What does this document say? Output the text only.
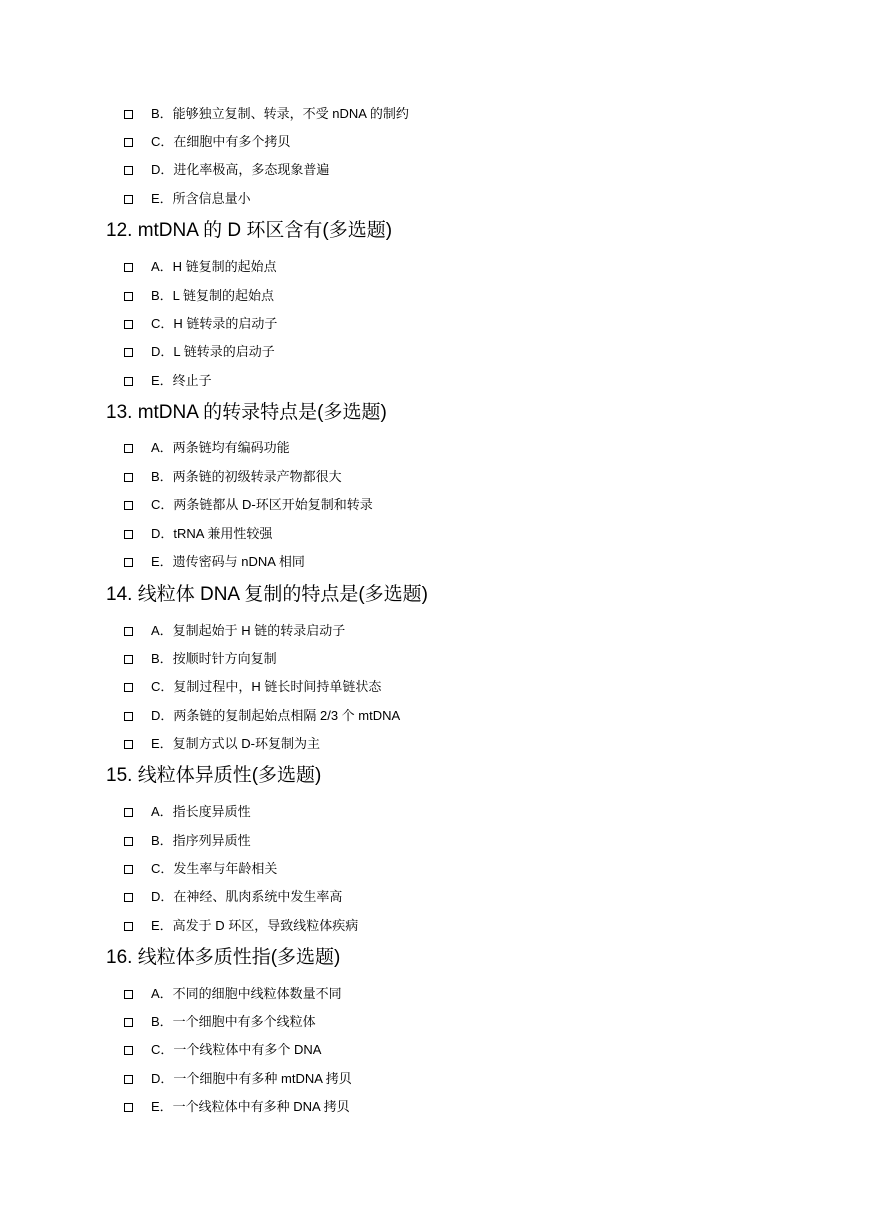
B．能够独立复制、转录，不受 nDNA 的制约
C．在细胞中有多个拷贝
D．进化率极高，多态现象普遍
E．所含信息量小
12. mtDNA 的 D 环区含有(多选题)
A．H 链复制的起始点
B．L 链复制的起始点
C．H 链转录的启动子
D．L 链转录的启动子
E．终止子
13. mtDNA 的转录特点是(多选题)
A．两条链均有编码功能
B．两条链的初级转录产物都很大
C．两条链都从 D-环区开始复制和转录
D．tRNA 兼用性较强
E．遗传密码与 nDNA 相同
14. 线粒体 DNA 复制的特点是(多选题)
A．复制起始于 H 链的转录启动子
B．按顺时针方向复制
C．复制过程中，H 链长时间持单链状态
D．两条链的复制起始点相隔 2/3 个 mtDNA
E．复制方式以 D-环复制为主
15. 线粒体异质性(多选题)
A．指长度异质性
B．指序列异质性
C．发生率与年龄相关
D．在神经、肌肉系统中发生率高
E．高发于 D 环区，导致线粒体疾病
16. 线粒体多质性指(多选题)
A．不同的细胞中线粒体数量不同
B．一个细胞中有多个线粒体
C．一个线粒体中有多个 DNA
D．一个细胞中有多种 mtDNA 拷贝
E．一个线粒体中有多种 DNA 拷贝
